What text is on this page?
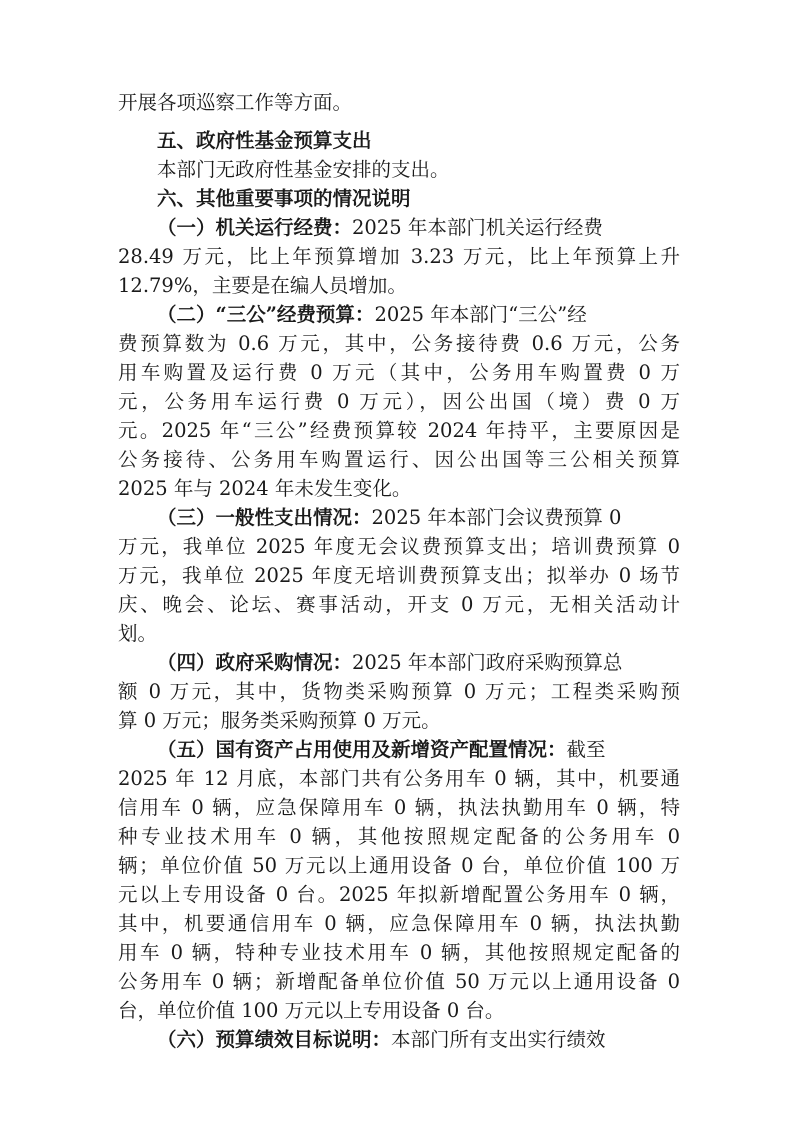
开展各项巡察工作等方面。
五、政府性基金预算支出
本部门无政府性基金安排的支出。
六、其他重要事项的情况说明
（一）机关运行经费：2025 年本部门机关运行经费
28.49 万元，比上年预算增加 3.23 万元，比上年预算上升
12.79%，主要是在编人员增加。
（二）“三公”经费预算：2025 年本部门“三公”经
费预算数为 0.6 万元，其中，公务接待费 0.6 万元，公务
用车购置及运行费 0 万元（其中，公务用车购置费 0 万
元，公务用车运行费 0 万元），因公出国（境）费 0 万
元。2025 年“三公”经费预算较 2024 年持平，主要原因是
公务接待、公务用车购置运行、因公出国等三公相关预算
2025 年与 2024 年未发生变化。
（三）一般性支出情况：2025 年本部门会议费预算 0
万元，我单位 2025 年度无会议费预算支出；培训费预算 0
万元，我单位 2025 年度无培训费预算支出；拟举办 0 场节
庆、晚会、论坛、赛事活动，开支 0 万元，无相关活动计
划。
（四）政府采购情况：2025 年本部门政府采购预算总
额 0 万元，其中，货物类采购预算 0 万元；工程类采购预
算 0 万元；服务类采购预算 0 万元。
（五）国有资产占用使用及新增资产配置情况：截至
2025 年 12 月底，本部门共有公务用车 0 辆，其中，机要通
信用车 0 辆，应急保障用车 0 辆，执法执勤用车 0 辆，特
种专业技术用车 0 辆，其他按照规定配备的公务用车 0
辆；单位价值 50 万元以上通用设备 0 台，单位价值 100 万
元以上专用设备 0 台。2025 年拟新增配置公务用车 0 辆，
其中，机要通信用车 0 辆，应急保障用车 0 辆，执法执勤
用车 0 辆，特种专业技术用车 0 辆，其他按照规定配备的
公务用车 0 辆；新增配备单位价值 50 万元以上通用设备 0
台，单位价值 100 万元以上专用设备 0 台。
（六）预算绩效目标说明：本部门所有支出实行绩效
